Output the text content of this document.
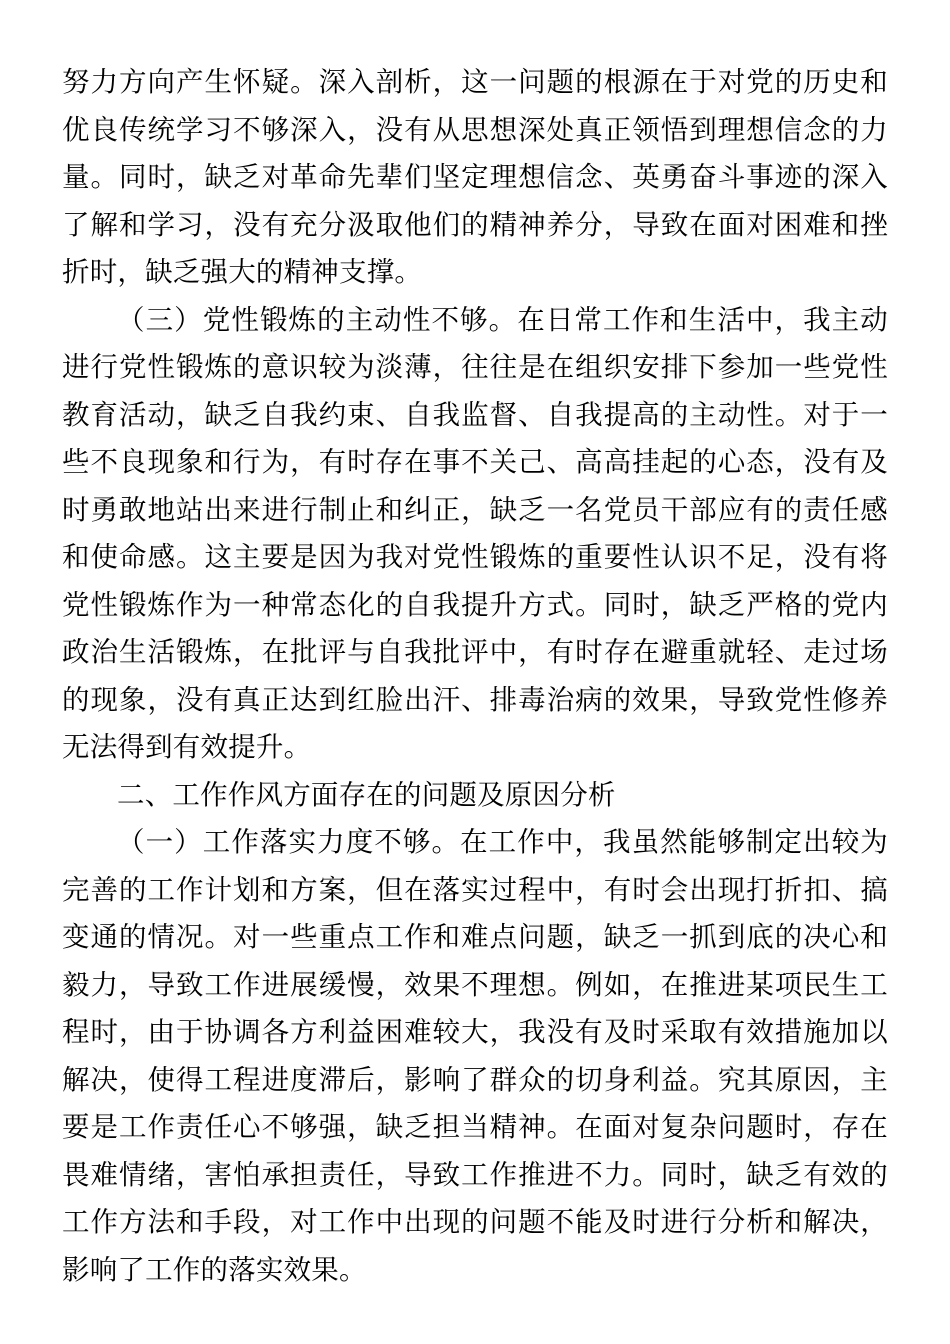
努力方向产生怀疑。深入剖析，这一问题的根源在于对党的历史和优良传统学习不够深入，没有从思想深处真正领悟到理想信念的力量。同时，缺乏对革命先辈们坚定理想信念、英勇奋斗事迹的深入了解和学习，没有充分汲取他们的精神养分，导致在面对困难和挫折时，缺乏强大的精神支撑。

（三）党性锻炼的主动性不够。在日常工作和生活中，我主动进行党性锻炼的意识较为淡薄，往往是在组织安排下参加一些党性教育活动，缺乏自我约束、自我监督、自我提高的主动性。对于一些不良现象和行为，有时存在事不关己、高高挂起的心态，没有及时勇敢地站出来进行制止和纠正，缺乏一名党员干部应有的责任感和使命感。这主要是因为我对党性锻炼的重要性认识不足，没有将党性锻炼作为一种常态化的自我提升方式。同时，缺乏严格的党内政治生活锻炼，在批评与自我批评中，有时存在避重就轻、走过场的现象，没有真正达到红脸出汗、排毒治病的效果，导致党性修养无法得到有效提升。

二、工作作风方面存在的问题及原因分析

（一）工作落实力度不够。在工作中，我虽然能够制定出较为完善的工作计划和方案，但在落实过程中，有时会出现打折扣、搞变通的情况。对一些重点工作和难点问题，缺乏一抓到底的决心和毅力，导致工作进展缓慢，效果不理想。例如，在推进某项民生工程时，由于协调各方利益困难较大，我没有及时采取有效措施加以解决，使得工程进度滞后，影响了群众的切身利益。究其原因，主要是工作责任心不够强，缺乏担当精神。在面对复杂问题时，存在畏难情绪，害怕承担责任，导致工作推进不力。同时，缺乏有效的工作方法和手段，对工作中出现的问题不能及时进行分析和解决，影响了工作的落实效果。
